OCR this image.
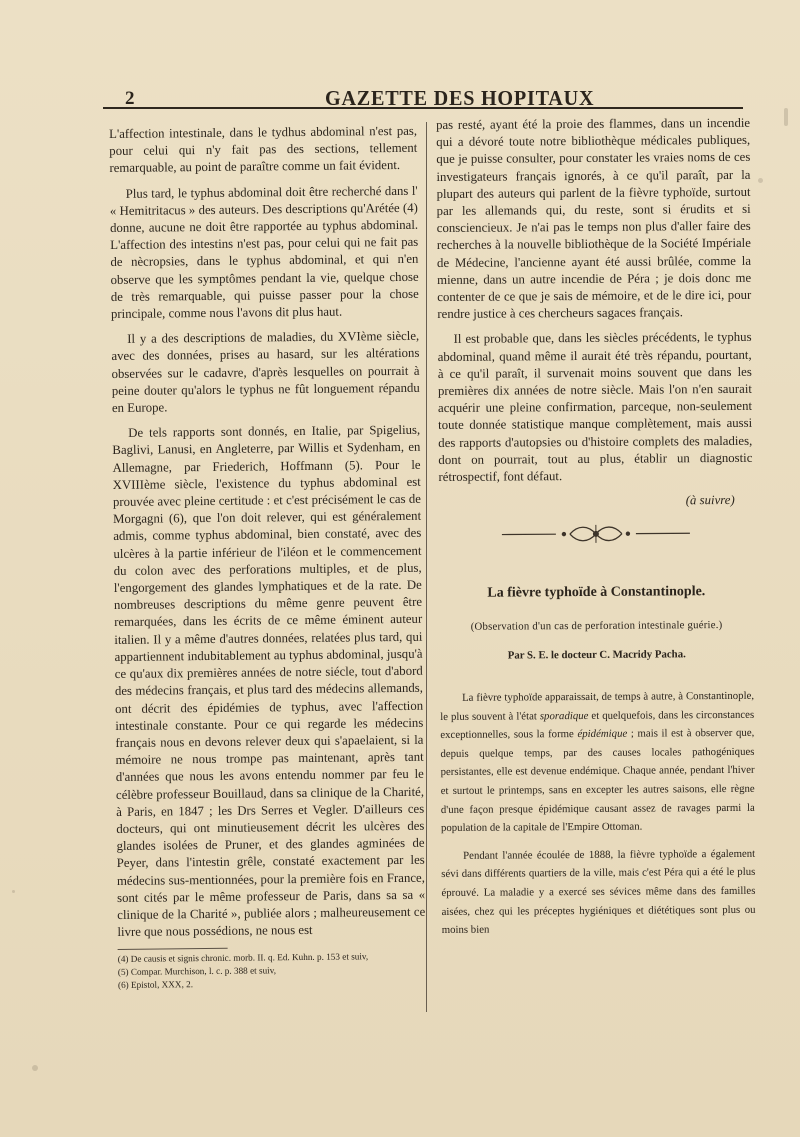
2	GAZETTE DES HOPITAUX

L'affection intestinale, dans le tydhus abdominal n'est pas, pour celui qui n'y fait pas des sections, tellement remarquable, au point de paraître comme un fait évident.

Plus tard, le typhus abdominal doit être recherché dans l' « Hemitritacus » des auteurs. Des descriptions qu'Arétée (4) donne, aucune ne doit être rapportée au typhus abdominal. L'affection des intestins n'est pas, pour celui qui ne fait pas de nècropsies, dans le typhus abdominal, et qui n'en observe que les symptômes pendant la vie, quelque chose de très remarquable, qui puisse passer pour la chose principale, comme nous l'avons dit plus haut.

Il y a des descriptions de maladies, du XVIème siècle, avec des données, prises au hasard, sur les altérations observées sur le cadavre, d'après lesquelles on pourrait à peine douter qu'alors le typhus ne fût longuement répandu en Europe.

De tels rapports sont donnés, en Italie, par Spigelius, Baglivi, Lanusi, en Angleterre, par Willis et Sydenham, en Allemagne, par Friederich, Hoffmann (5). Pour le XVIIIème siècle, l'existence du typhus abdominal est prouvée avec pleine certitude : et c'est précisément le cas de Morgagni (6), que l'on doit relever, qui est généralement admis, comme typhus abdominal, bien constaté, avec des ulcères à la partie inférieur de l'iléon et le commencement du colon avec des perforations multiples, et de plus, l'engorgement des glandes lymphatiques et de la rate. De nombreuses descriptions du même genre peuvent être remarquées, dans les écrits de ce même éminent auteur italien. Il y a même d'autres données, relatées plus tard, qui appartiennent indubitablement au typhus abdominal, jusqu'à ce qu'aux dix premières années de notre siécle, tout d'abord des médecins français, et plus tard des médecins allemands, ont décrit des épidémies de typhus, avec l'affection intestinale constante. Pour ce qui regarde les médecins français nous en devons relever deux qui s'apaelaient, si la mémoire ne nous trompe pas maintenant, après tant d'années que nous les avons entendu nommer par feu le célèbre professeur Bouillaud, dans sa clinique de la Charité, à Paris, en 1847 ; les Drs Serres et Vegler. D'ailleurs ces docteurs, qui ont minutieusement décrit les ulcères des glandes isolées de Pruner, et des glandes agminées de Peyer, dans l'intestin grêle, constaté exactement par les médecins sus-mentionnées, pour la première fois en France, sont cités par le même professeur de Paris, dans sa sa « clinique de la Charité », publiée alors ; malheureusement ce livre que nous possédions, ne nous est

(4) De causis et signis chronic. morb. II. q. Ed. Kuhn. p. 153 et suiv,

(5) Compar. Murchison, l. c. p. 388 et suiv,

(6) Epistol, XXX, 2.

pas resté, ayant été la proie des flammes, dans un incendie qui a dévoré toute notre bibliothèque médicales publiques, que je puisse consulter, pour constater les vraies noms de ces investigateurs français ignorés, à ce qu'il paraît, par la plupart des auteurs qui parlent de la fièvre typhoïde, surtout par les allemands qui, du reste, sont si érudits et si consciencieux. Je n'ai pas le temps non plus d'aller faire des recherches à la nouvelle bibliothèque de la Société Impériale de Médecine, l'ancienne ayant été aussi brûlée, comme la mienne, dans un autre incendie de Péra ; je dois donc me contenter de ce que je sais de mémoire, et de le dire ici, pour rendre justice à ces chercheurs sagaces français.

Il est probable que, dans les siècles précédents, le typhus abdominal, quand même il aurait été très répandu, pourtant, à ce qu'il paraît, il survenait moins souvent que dans les premières dix années de notre siècle. Mais l'on n'en saurait acquérir une pleine confirmation, parceque, non-seulement toute donnée statistique manque complètement, mais aussi des rapports d'autopsies ou d'histoire complets des maladies, dont on pourrait, tout au plus, établir un diagnostic rétrospectif, font défaut.

(à suivre)
La fièvre typhoïde à Constantinople.
(Observation d'un cas de perforation intestinale guérie.)
Par S. E. le docteur C. Macridy Pacha.

La fièvre typhoïde apparaissait, de temps à autre, à Constantinople, le plus souvent à l'état sporadique et quelquefois, dans les circonstances exceptionnelles, sous la forme épidémique ; mais il est à observer que, depuis quelque temps, par des causes locales pathogéniques persistantes, elle est devenue endémique. Chaque année, pendant l'hiver et surtout le printemps, sans en excepter les autres saisons, elle règne d'une façon presque épidémique causant assez de ravages parmi la population de la capitale de l'Empire Ottoman.

Pendant l'année écoulée de 1888, la fièvre typhoïde a également sévi dans différents quartiers de la ville, mais c'est Péra qui a été le plus éprouvé. La maladie y a exercé ses sévices même dans des familles aisées, chez qui les préceptes hygiéniques et diététiques sont plus ou moins bien
